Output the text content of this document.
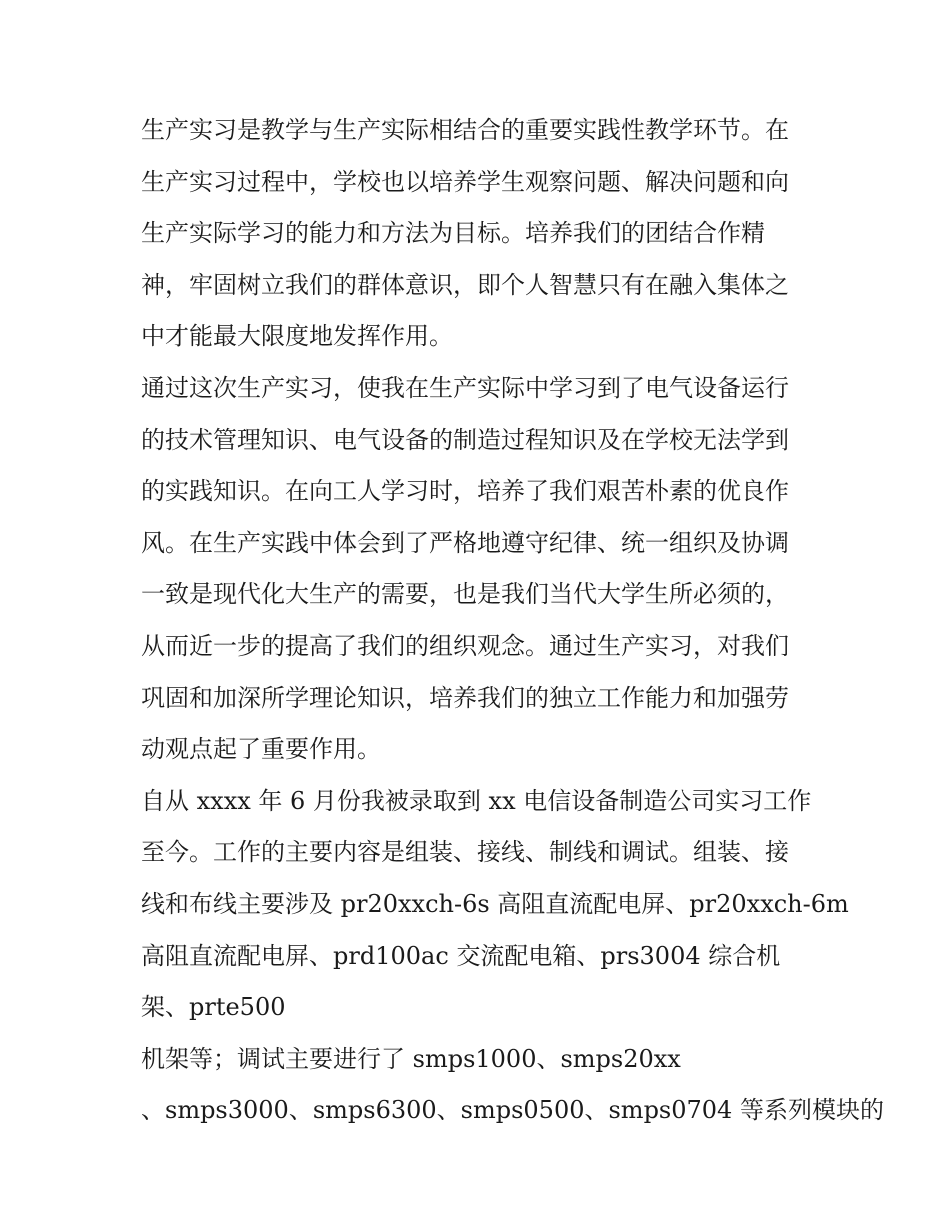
生产实习是教学与生产实际相结合的重要实践性教学环节。在
生产实习过程中，学校也以培养学生观察问题、解决问题和向
生产实际学习的能力和方法为目标。培养我们的团结合作精
神，牢固树立我们的群体意识，即个人智慧只有在融入集体之
中才能最大限度地发挥作用。
通过这次生产实习，使我在生产实际中学习到了电气设备运行
的技术管理知识、电气设备的制造过程知识及在学校无法学到
的实践知识。在向工人学习时，培养了我们艰苦朴素的优良作
风。在生产实践中体会到了严格地遵守纪律、统一组织及协调
一致是现代化大生产的需要，也是我们当代大学生所必须的，
从而近一步的提高了我们的组织观念。通过生产实习，对我们
巩固和加深所学理论知识，培养我们的独立工作能力和加强劳
动观点起了重要作用。
自从 xxxx 年 6 月份我被录取到 xx 电信设备制造公司实习工作
至今。工作的主要内容是组装、接线、制线和调试。组装、接
线和布线主要涉及 pr20xxch-6s 高阻直流配电屏、pr20xxch-6m
高阻直流配电屏、prd100ac 交流配电箱、prs3004 综合机
架、prte500
机架等；调试主要进行了 smps1000、smps20xx
、smps3000、smps6300、smps0500、smps0704 等系列模块的
